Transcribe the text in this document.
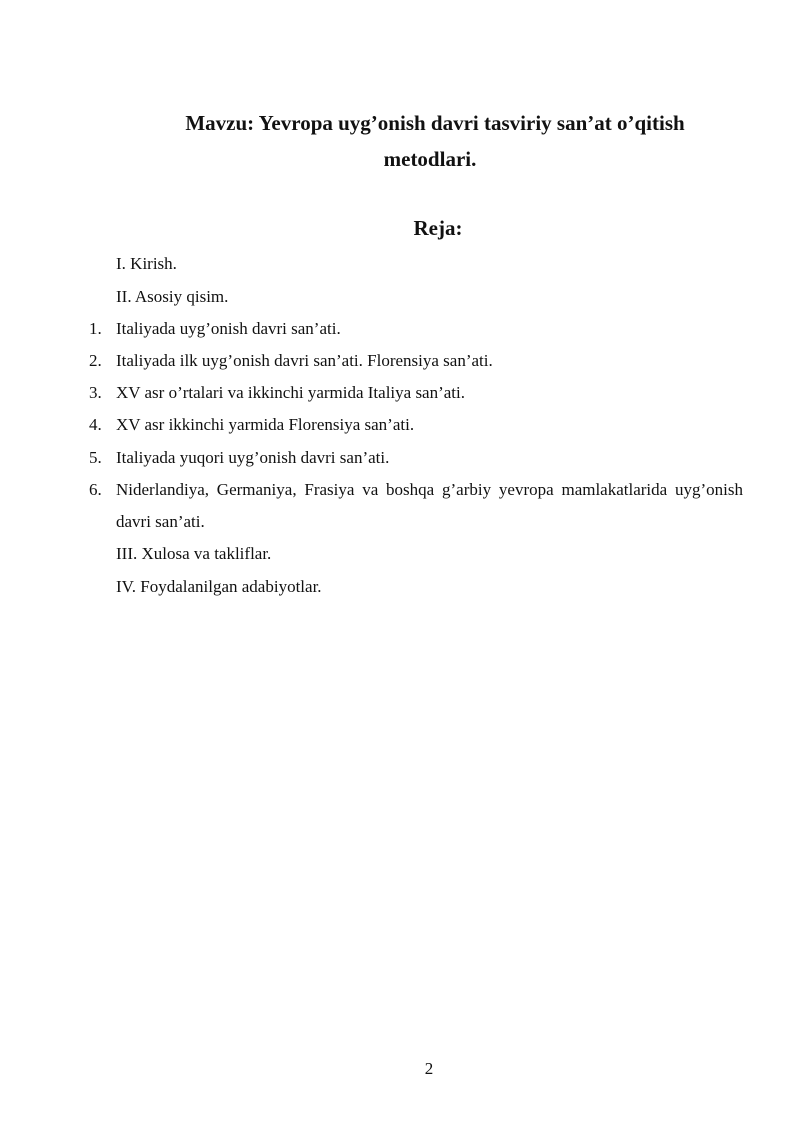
Mavzu: Yevropa uyg’onish davri tasviriy san’at o’qitish
metodlari.
Reja:
I. Kirish.
II. Asosiy qisim.
1. Italiyada uyg’onish davri san’ati.
2. Italiyada ilk uyg’onish davri san’ati. Florensiya san’ati.
3. XV asr o’rtalari va ikkinchi yarmida Italiya san’ati.
4. XV asr ikkinchi yarmida Florensiya san’ati.
5. Italiyada yuqori uyg’onish davri san’ati.
6. Niderlandiya, Germaniya, Frasiya va boshqa g’arbiy yevropa mamlakatlarida uyg’onish davri san’ati.
III. Xulosa va takliflar.
IV. Foydalanilgan adabiyotlar.
2
